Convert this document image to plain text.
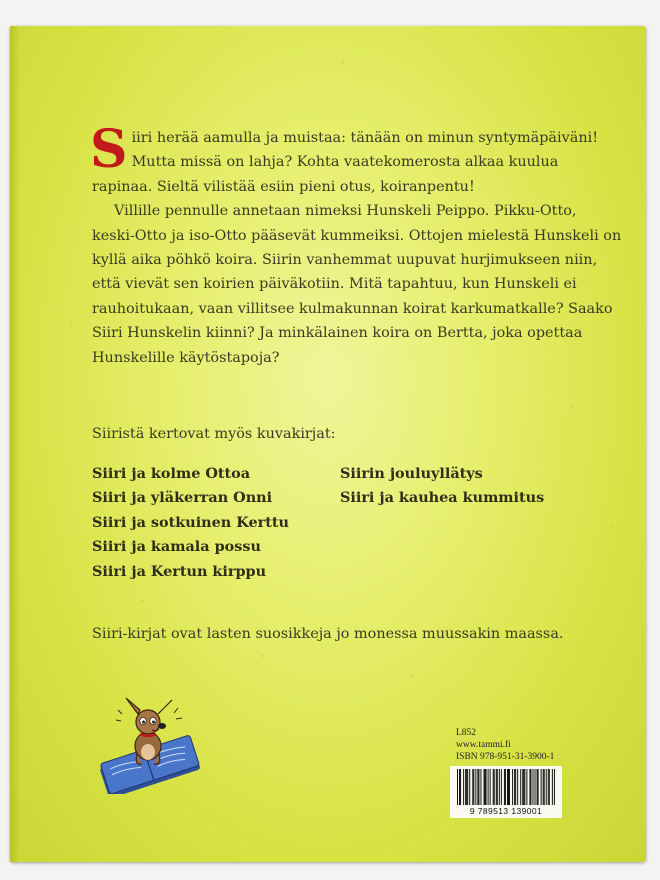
ˊ
ˋ
ˊ
ˊ
ˋ
ˊ
ˊ

Siiri herää aamulla ja muistaa: tänään on minun syntymäpäiväni! Mutta missä on lahja? Kohta vaatekomerosta alkaa kuulua rapinaa. Sieltä vilistää esiin pieni otus, koiranpentu!

Villille pennulle annetaan nimeksi Hunskeli Peippo. Pikku-Otto, keski-Otto ja iso-Otto pääsevät kummeiksi. Ottojen mielestä Hunskeli on kyllä aika pöhkö koira. Siirin vanhemmat uupuvat hurjimukseen niin, että vievät sen koirien päiväkotiin. Mitä tapahtuu, kun Hunskeli ei rauhoitukaan, vaan villitsee kulmakunnan koirat karkumatkalle? Saako Siiri Hunskelin kiinni? Ja minkälainen koira on Bertta, joka opettaa Hunskelille käytöstapoja?

Siiristä kertovat myös kuvakirjat:
Siiri ja kolme Ottoa
Siiri ja yläkerran Onni
Siiri ja sotkuinen Kerttu
Siiri ja kamala possu
Siiri ja Kertun kirppu
Siirin jouluyllätys
Siiri ja kauhea kummitus
Siiri-kirjat ovat lasten suosikkeja jo monessa muussakin maassa.
L852
www.tammi.fi
ISBN 978-951-31-3900-1
9 789513 139001
